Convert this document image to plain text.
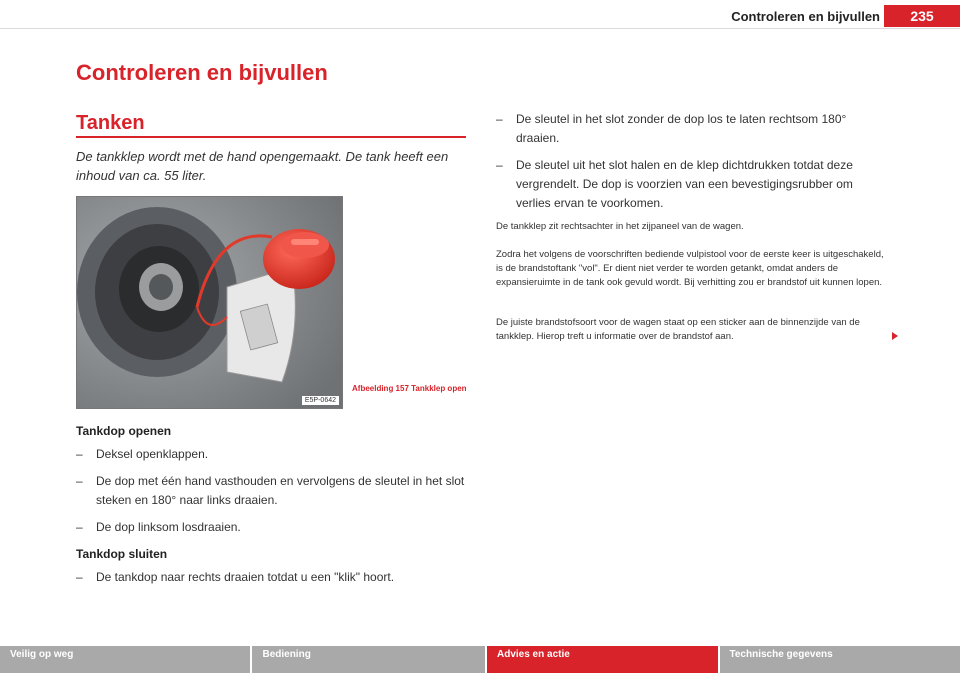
Controleren en bijvullen	235
Controleren en bijvullen
Tanken

De tankklep wordt met de hand opengemaakt. De tank heeft een inhoud van ca. 55 liter.

E5P-0642
Afbeelding 157 Tankklep open
Tankdop openen
– Deksel openklappen.
– De dop met één hand vasthouden en vervolgens de sleutel in het slot steken en 180° naar links draaien.
– De dop linksom losdraaien.
Tankdop sluiten
– De tankdop naar rechts draaien totdat u een "klik" hoort.
– De sleutel in het slot zonder de dop los te laten rechtsom 180° draaien.
– De sleutel uit het slot halen en de klep dichtdrukken totdat deze vergrendelt. De dop is voorzien van een bevestigingsrubber om verlies ervan te voorkomen.

De tankklep zit rechtsachter in het zijpaneel van de wagen.

Zodra het volgens de voorschriften bediende vulpistool voor de eerste keer is uitgeschakeld, is de brandstoftank "vol". Er dient niet verder te worden getankt, omdat anders de expansieruimte in de tank ook gevuld wordt. Bij verhitting zou er brandstof uit kunnen lopen.

De juiste brandstofsoort voor de wagen staat op een sticker aan de binnenzijde van de tankklep. Hierop treft u informatie over de brandstof aan.

Veilig op weg	Bediening	Advies en actie	Technische gegevens
